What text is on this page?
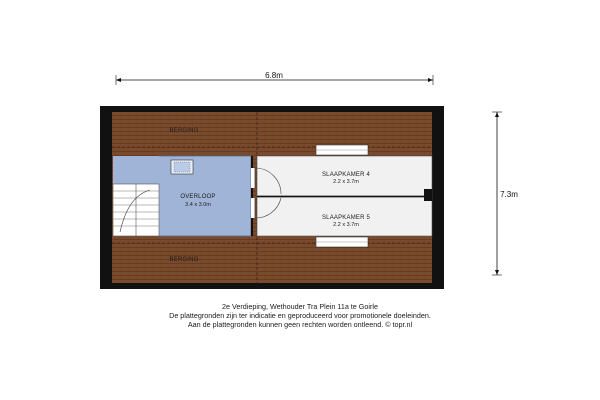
6.8m
7.3m
BERGING
BERGING
OVERLOOP
3.4 x 3.0m
SLAAPKAMER 4
2.2 x 3.7m
SLAAPKAMER 5
2.2 x 3.7m
2e Verdieping, Wethouder Tra Plein 11a te Goirle
De plattegronden zijn ter indicatie en geproduceerd voor promotionele doeleinden.
Aan de plattegronden kunnen geen rechten worden ontleend. © topr.nl
